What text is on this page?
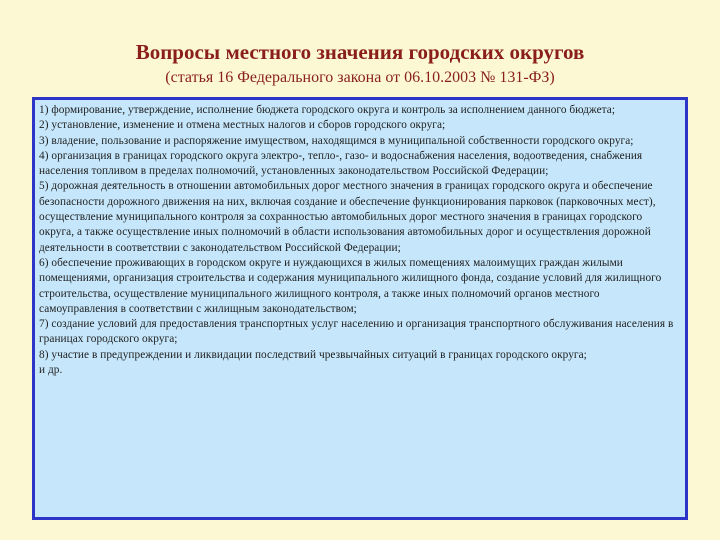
Вопросы местного значения городских округов
(статья 16 Федерального закона от 06.10.2003 № 131-ФЗ)

1) формирование, утверждение, исполнение бюджета городского округа и контроль за исполнением данного бюджета;

2) установление, изменение и отмена местных налогов и сборов городского округа;

3) владение, пользование и распоряжение имуществом, находящимся в муниципальной собственности городского округа;

4) организация в границах городского округа электро-, тепло-, газо- и водоснабжения населения, водоотведения, снабжения населения топливом в пределах полномочий, установленных законодательством Российской Федерации;

5) дорожная деятельность в отношении автомобильных дорог местного значения в границах городского округа и обеспечение безопасности дорожного движения на них, включая создание и обеспечение функционирования парковок (парковочных мест), осуществление муниципального контроля за сохранностью автомобильных дорог местного значения в границах городского округа, а также осуществление иных полномочий в области использования автомобильных дорог и осуществления дорожной деятельности в соответствии с законодательством Российской Федерации;

6) обеспечение проживающих в городском округе и нуждающихся в жилых помещениях малоимущих граждан жилыми помещениями, организация строительства и содержания муниципального жилищного фонда, создание условий для жилищного строительства, осуществление муниципального жилищного контроля, а также иных полномочий органов местного самоуправления в соответствии с жилищным законодательством;

7) создание условий для предоставления транспортных услуг населению и организация транспортного обслуживания населения в границах городского округа;

8) участие в предупреждении и ликвидации последствий чрезвычайных ситуаций в границах городского округа;

и др.
